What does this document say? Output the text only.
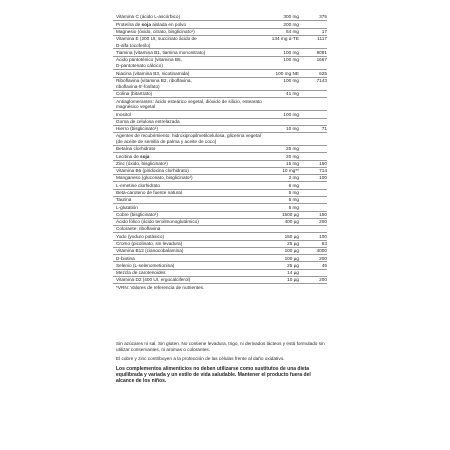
Vitamina C (ácido L-ascórbico)	300 mg	375
Proteína de soja aislada en polvo	200 mg
Magnesio (óxido, citrato, bisglicinato¹)	64 mg	17
Vitamina E (200 UI, succinato ácido de	134 mg α-TE	1117
D-alfa tocoferilo)
Tiamina (vitamina B1, tiamina mononitrato)	100 mg	9091
Ácido pantoténico (vitamina B5,	100 mg	1667
D-pantotenato cálcico)
Niacina (vitamina B3, nicotinamida)	100 mg NE	625
Riboflavina (vitamina B2, riboflavina,	100 mg	7143
riboflavina-5'-fosfato)
Colina (bitartrato)	41 mg
Antiaglomerantes: ácido esteárico vegetal, dióxido de silicio, estearato magnésico vegetal
Inositol	100 mg
Goma de celulosa entrelazada
Hierro (bisglicinato¹)	10 mg	71
Agentes de recubrimiento: hidroxipropilmetilcelulosa, glicerina vegetal (de aceite de semilla de palma y aceite de coco)
Betaína clorhidrato	25 mg
Lecitina de soja	20 mg
Zinc (óxido, bisglicinato¹)	15 mg	150
Vitamina B6 (piridoxina clorhidrato)	10 mg**	714
Manganeso (gluconato, bisglicinato¹)	2 mg	100
L-emetine clorhidrato	6 mg
Beta-caroteno de fuente natural	5 mg
Taurina	5 mg
L-glutatión	5 mg
Cobre (bisglicinato¹)	1500 µg	150
Ácido fólico (ácido teroilmonoglutámico)	400 µg	200
Colorante: riboflavina
Yodo (yoduro potásico)	150 µg	100
Cromo (picolinato, sin levadura)	25 µg	63
Vitamina B12 (cianocobalamina)	100 µg	4000
D-biotina	100 µg	200
Selenio (L-selenometionina)	25 µg	45
Mezcla de carotenoides	14 µg
Vitamina D2 (400 UI, ergocalciferol)	10 µg	200
*VRN: Valores de referencia de nutrientes.

Sin azúcares ni sal. Sin gluten. No contiene levadura, trigo, ni derivados lácteos y está formulado sin utilizar conservantes, ni aromas o colorantes.

El cobre y zinc contribuyen a la protección de las células frente al daño oxidativo.

Los complementos alimenticios no deben utilizarse como sustitutos de una dieta equilibrada y variada y un estilo de vida saludable. Mantener el producto fuera del alcance de los niños.
